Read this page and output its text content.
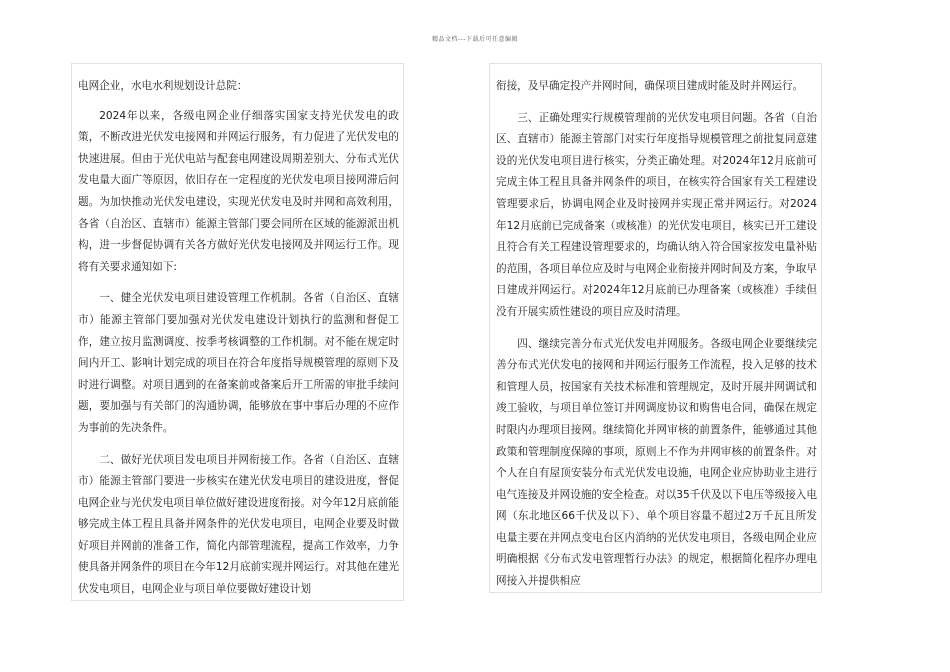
精品文档---下载后可任意编辑

电网企业，水电水利规划设计总院：

2024年以来，各级电网企业仔细落实国家支持光伏发电的政策，不断改进光伏发电接网和并网运行服务，有力促进了光伏发电的快速进展。但由于光伏电站与配套电网建设周期差别大、分布式光伏发电量大面广等原因，依旧存在一定程度的光伏发电项目接网滞后问题。为加快推动光伏发电建设，实现光伏发电及时并网和高效利用，各省（自治区、直辖市）能源主管部门要会同所在区域的能源派出机构，进一步督促协调有关各方做好光伏发电接网及并网运行工作。现将有关要求通知如下:

一、健全光伏发电项目建设管理工作机制。各省（自治区、直辖市）能源主管部门要加强对光伏发电建设计划执行的监测和督促工作，建立按月监测调度、按季考核调整的工作机制。对不能在规定时间内开工、影响计划完成的项目在符合年度指导规模管理的原则下及时进行调整。对项目遇到的在备案前或备案后开工所需的审批手续问题，要加强与有关部门的沟通协调，能够放在事中事后办理的不应作为事前的先决条件。

二、做好光伏项目发电项目并网衔接工作。各省（自治区、直辖市）能源主管部门要进一步核实在建光伏发电项目的建设进度，督促电网企业与光伏发电项目单位做好建设进度衔接。对今年12月底前能够完成主体工程且具备并网条件的光伏发电项目，电网企业要及时做好项目并网前的准备工作，简化内部管理流程，提高工作效率，力争使具备并网条件的项目在今年12月底前实现并网运行。对其他在建光伏发电项目，电网企业与项目单位要做好建设计划

衔接，及早确定投产并网时间，确保项目建成时能及时并网运行。

三、正确处理实行规模管理前的光伏发电项目问题。各省（自治区、直辖市）能源主管部门对实行年度指导规模管理之前批复同意建设的光伏发电项目进行核实，分类正确处理。对2024年12月底前可完成主体工程且具备并网条件的项目，在核实符合国家有关工程建设管理要求后，协调电网企业及时接网并实现正常并网运行。对2024年12月底前已完成备案（或核准）的光伏发电项目，核实已开工建设且符合有关工程建设管理要求的，均确认纳入符合国家按发电量补贴的范围，各项目单位应及时与电网企业衔接并网时间及方案，争取早日建成并网运行。对2024年12月底前已办理备案（或核准）手续但没有开展实质性建设的项目应及时清理。

四、继续完善分布式光伏发电并网服务。各级电网企业要继续完善分布式光伏发电的接网和并网运行服务工作流程，投入足够的技术和管理人员，按国家有关技术标准和管理规定，及时开展并网调试和竣工验收，与项目单位签订并网调度协议和购售电合同，确保在规定时限内办理项目接网。继续简化并网审核的前置条件，能够通过其他政策和管理制度保障的事项，原则上不作为并网审核的前置条件。对个人在自有屋顶安装分布式光伏发电设施，电网企业应协助业主进行电气连接及并网设施的安全检查。对以35千伏及以下电压等级接入电网（东北地区66千伏及以下）、单个项目容量不超过2万千瓦且所发电量主要在并网点变电台区内消纳的光伏发电项目，各级电网企业应明确根据《分布式发电管理暂行办法》的规定，根据简化程序办理电网接入并提供相应
